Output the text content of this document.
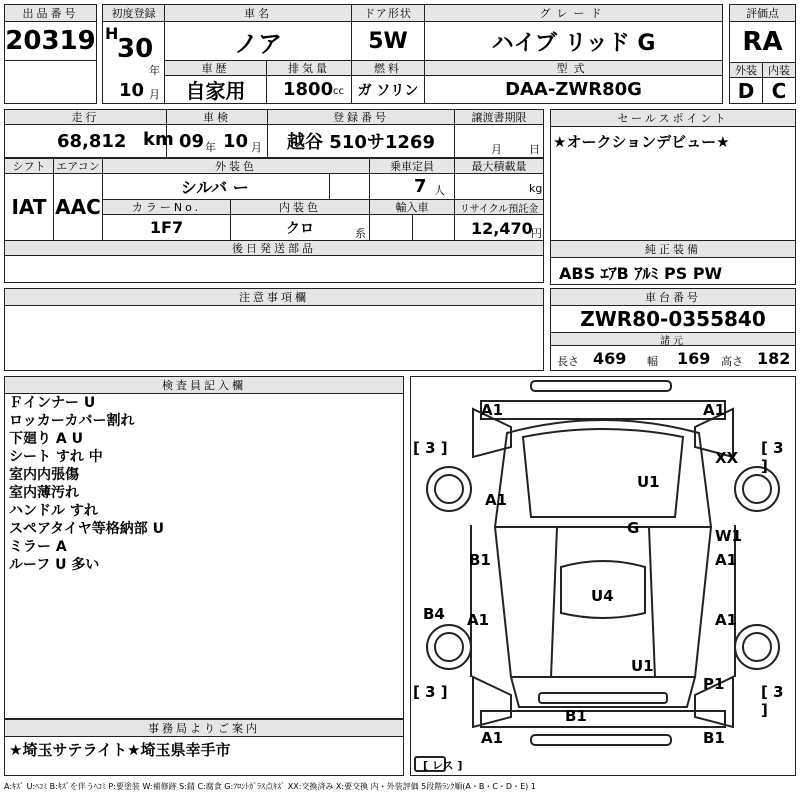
出品番号
20319
初度登録
H
30
年
10 月
車名
ノア
ドア形状
5W
グレード
ハイブ リッド G
評価点
RA
車歴
自家用
排気量
1800 cc
燃料
ガ ソリン
型式
DAA-ZWR80G
外装
D
内装
C
走行
68,812 km
車検
09 年 10 月
登録番号
越谷 510サ1269
譲渡書期限
月 日
セールスポイント
★オークションデビュー★
シフト
IAT
エアコン
AAC
外装色
シルバ ー
乗車定員
7 人
最大積載量
kg
カラーNo.
1F7
内装色
クロ	系
輸入車	リサイクル預託金
12,470
円
後日発送部品	純正装備
ABS ｴｱB ｱﾙﾐ PS PW
注意事項欄	車台番号
ZWR80-0355840
諸元
長さ 469 幅 169 高さ 182
検査員記入欄
Ｆインナー U
ロッカーカバー割れ
下廻り A U
シート すれ 中
室内内張傷
室内薄汚れ
ハンドル すれ
スペアタイヤ等格納部 U
ミラー A
ルーフ U 多い
事務局よりご案内
★埼玉サテライト★埼玉県幸手市
A1	A1
[ 3 ]	[ 3 ]
XX
U1
A1
G	W1
B1	A1
U4
B4 A1	A1
U1
[ 3 ]	P1 [ 3 ]
B1
A1	B1
[ レス ]
A:ｷｽﾞ U:ﾍｺﾐ B:ｷｽﾞを伴うﾍｺﾐ P:要塗装 W:補修跡 S:錆 C:腐食 G:ﾌﾛﾝﾄｶﾞﾗｽ点ｷｽﾞ XX:交換済み X:要交換 内・外装評価 5段階ﾗﾝｸ順(A・B・C・D・E) 1
